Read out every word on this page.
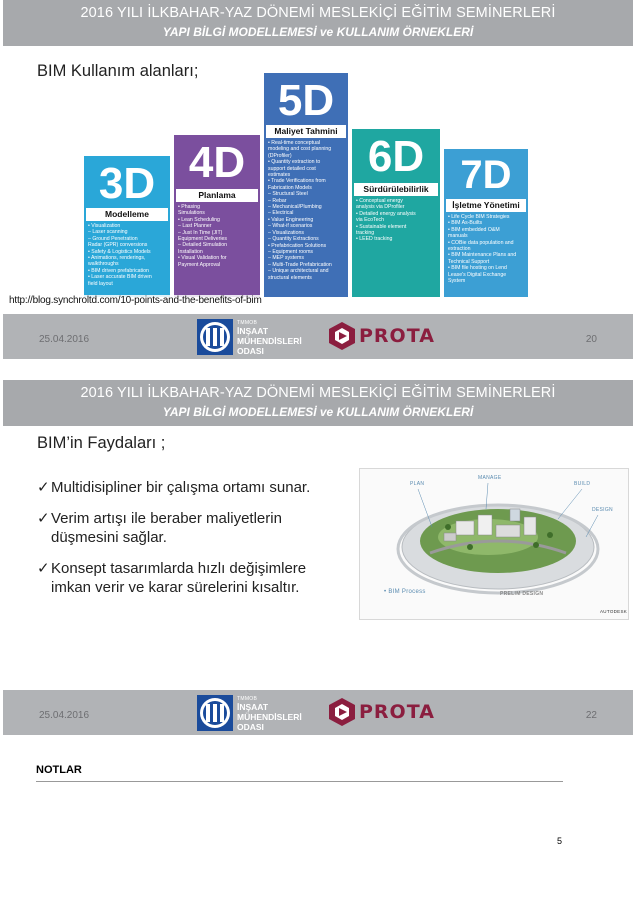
2016 YILI İLKBAHAR-YAZ DÖNEMİ MESLEKİÇİ EĞİTİM SEMİNERLERİ
YAPI BİLGİ MODELLEMESİ ve KULLANIM ÖRNEKLERİ
BIM Kullanım alanları;
3D
Modelleme
• Visualization
– Laser scanning
– Ground Penetration
Radar (GPR) conversions
• Safety & Logistics Models
• Animations, renderings,
walkthroughs
• BIM driven prefabrication
• Laser accurate BIM driven
field layout
4D
Planlama
• Phasing
Simulations
• Lean Scheduling
– Last Planner
– Just In Time (JIT)
Equipment Deliveries
– Detailed Simulation
Installation
• Visual Validation for
Payment Approval
5D
Maliyet Tahmini
• Real-time conceptual
modeling and cost planning
(DProfiler)
• Quantity extraction to
support detailed cost
estimates
• Trade Verifications from
Fabrication Models
– Structural Steel
– Rebar
– Mechanical/Plumbing
– Electrical
• Value Engineering
– What-if scenarios
– Visualizations
– Quantity Extractions
• Prefabrication Solutions
– Equipment rooms
– MEP systems
– Multi-Trade Prefabrication
– Unique architectural and
structural elements
6D
Sürdürülebilirlik
• Conceptual energy
analysis via DProfiler
• Detailed energy analysis
via EcoTech
• Sustainable element
tracking
• LEED tracking
7D
İşletme Yönetimi
• Life Cycle BIM Strategies
• BIM As-Builts
• BIM embedded O&M
manuals
• COBie data population and
extraction
• BIM Maintenance Plans and
Technical Support
• BIM file hosting on Lend
Lease's Digital Exchange
System
http://blog.synchroltd.com/10-points-and-the-benefits-of-bim
25.04.2016
TMMOB
İNŞAAT
MÜHENDİSLERİ
ODASI
PROTA	20
2016 YILI İLKBAHAR-YAZ DÖNEMİ MESLEKİÇİ EĞİTİM SEMİNERLERİ
YAPI BİLGİ MODELLEMESİ ve KULLANIM ÖRNEKLERİ
BIM’in Faydaları ;
✓Multidisipliner bir çalışma ortamı sunar.
✓Verim artışı ile beraber maliyetlerin
düşmesini sağlar.
✓Konsept tasarımlarda hızlı değişimlere
imkan verir ve karar sürelerini kısaltır.
PLAN
MANAGE
BUILD
DESIGN
PRELIM DESIGN
• BIM Process
AUTODESK
25.04.2016
TMMOB
İNŞAAT
MÜHENDİSLERİ
ODASI
PROTA	22
NOTLAR
5
